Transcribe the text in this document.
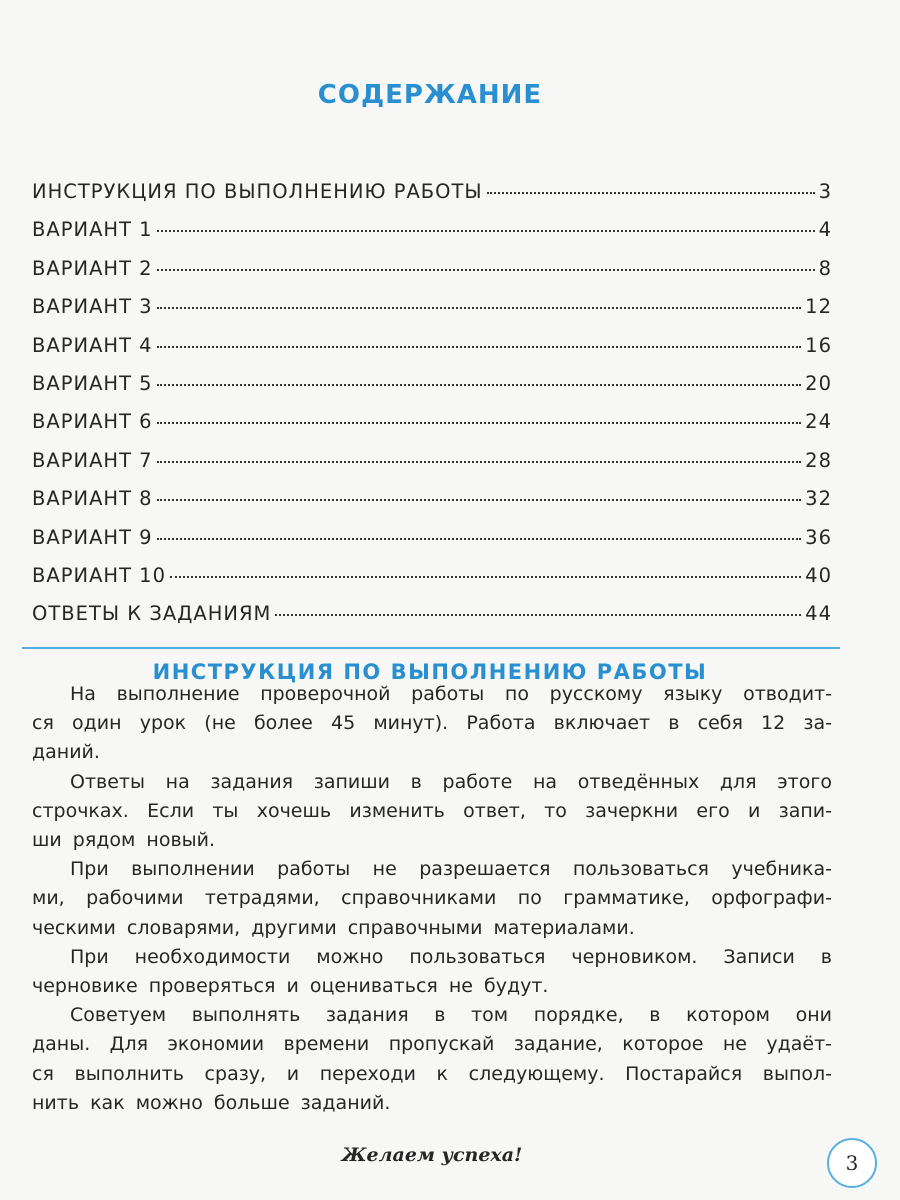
СОДЕРЖАНИЕ
ИНСТРУКЦИЯ ПО ВЫПОЛНЕНИЮ РАБОТЫ	3
ВАРИАНТ 1	4
ВАРИАНТ 2	8
ВАРИАНТ 3	12
ВАРИАНТ 4	16
ВАРИАНТ 5	20
ВАРИАНТ 6	24
ВАРИАНТ 7	28
ВАРИАНТ 8	32
ВАРИАНТ 9	36
ВАРИАНТ 10	40
ОТВЕТЫ К ЗАДАНИЯМ	44
ИНСТРУКЦИЯ ПО ВЫПОЛНЕНИЮ РАБОТЫ
На выполнение проверочной работы по русскому языку отводит-
ся один урок (не более 45 минут). Работа включает в себя 12 за-
даний.
Ответы на задания запиши в работе на отведённых для этого
строчках. Если ты хочешь изменить ответ, то зачеркни его и запи-
ши рядом новый.
При выполнении работы не разрешается пользоваться учебника-
ми, рабочими тетрадями, справочниками по грамматике, орфографи-
ческими словарями, другими справочными материалами.
При необходимости можно пользоваться черновиком. Записи в
черновике проверяться и оцениваться не будут.
Советуем выполнять задания в том порядке, в котором они
даны. Для экономии времени пропускай задание, которое не удаёт-
ся выполнить сразу, и переходи к следующему. Постарайся выпол-
нить как можно больше заданий.
Желаем успеха!	3
